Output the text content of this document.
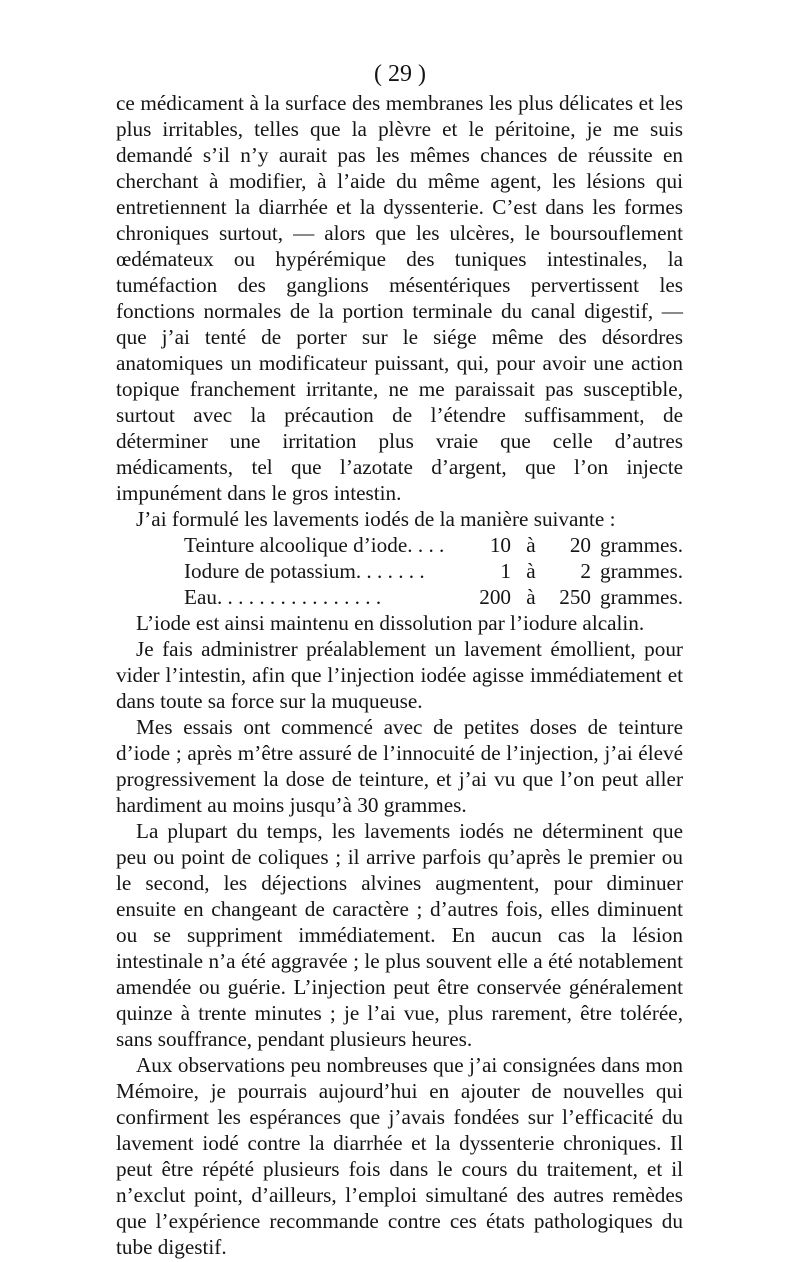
( 29 )

ce médicament à la surface des membranes les plus délicates et les plus irritables, telles que la plèvre et le péritoine, je me suis demandé s’il n’y aurait pas les mêmes chances de réussite en cherchant à modifier, à l’aide du même agent, les lésions qui entretiennent la diarrhée et la dyssenterie. C’est dans les formes chroniques surtout, — alors que les ulcères, le boursouflement œdémateux ou hypérémique des tuniques intestinales, la tuméfaction des ganglions mésentériques pervertissent les fonctions normales de la portion terminale du canal digestif, — que j’ai tenté de porter sur le siége même des désordres anatomiques un modificateur puissant, qui, pour avoir une action topique franchement irritante, ne me paraissait pas susceptible, surtout avec la précaution de l’étendre suffisamment, de déterminer une irritation plus vraie que celle d’autres médicaments, tel que l’azotate d’argent, que l’on injecte impunément dans le gros intestin.

J’ai formulé les lavements iodés de la manière suivante :

Teinture alcoolique d’iode. . . .	10 à	20 grammes.
Iodure de potassium. . . . . . .	1 à	2 grammes.
Eau. . . . . . . . . . . . . . . .	200 à	250 grammes.

L’iode est ainsi maintenu en dissolution par l’iodure alcalin.

Je fais administrer préalablement un lavement émollient, pour vider l’intestin, afin que l’injection iodée agisse immédiatement et dans toute sa force sur la muqueuse.

Mes essais ont commencé avec de petites doses de teinture d’iode ; après m’être assuré de l’innocuité de l’injection, j’ai élevé progressivement la dose de teinture, et j’ai vu que l’on peut aller hardiment au moins jusqu’à 30 grammes.

La plupart du temps, les lavements iodés ne déterminent que peu ou point de coliques ; il arrive parfois qu’après le premier ou le second, les déjections alvines augmentent, pour diminuer ensuite en changeant de caractère ; d’autres fois, elles diminuent ou se suppriment immédiatement. En aucun cas la lésion intestinale n’a été aggravée ; le plus souvent elle a été notablement amendée ou guérie. L’injection peut être conservée généralement quinze à trente minutes ; je l’ai vue, plus rarement, être tolérée, sans souffrance, pendant plusieurs heures.

Aux observations peu nombreuses que j’ai consignées dans mon Mémoire, je pourrais aujourd’hui en ajouter de nouvelles qui confirment les espérances que j’avais fondées sur l’efficacité du lavement iodé contre la diarrhée et la dyssenterie chroniques. Il peut être répété plusieurs fois dans le cours du traitement, et il n’exclut point, d’ailleurs, l’emploi simultané des autres remèdes que l’expérience recommande contre ces états pathologiques du tube digestif.
